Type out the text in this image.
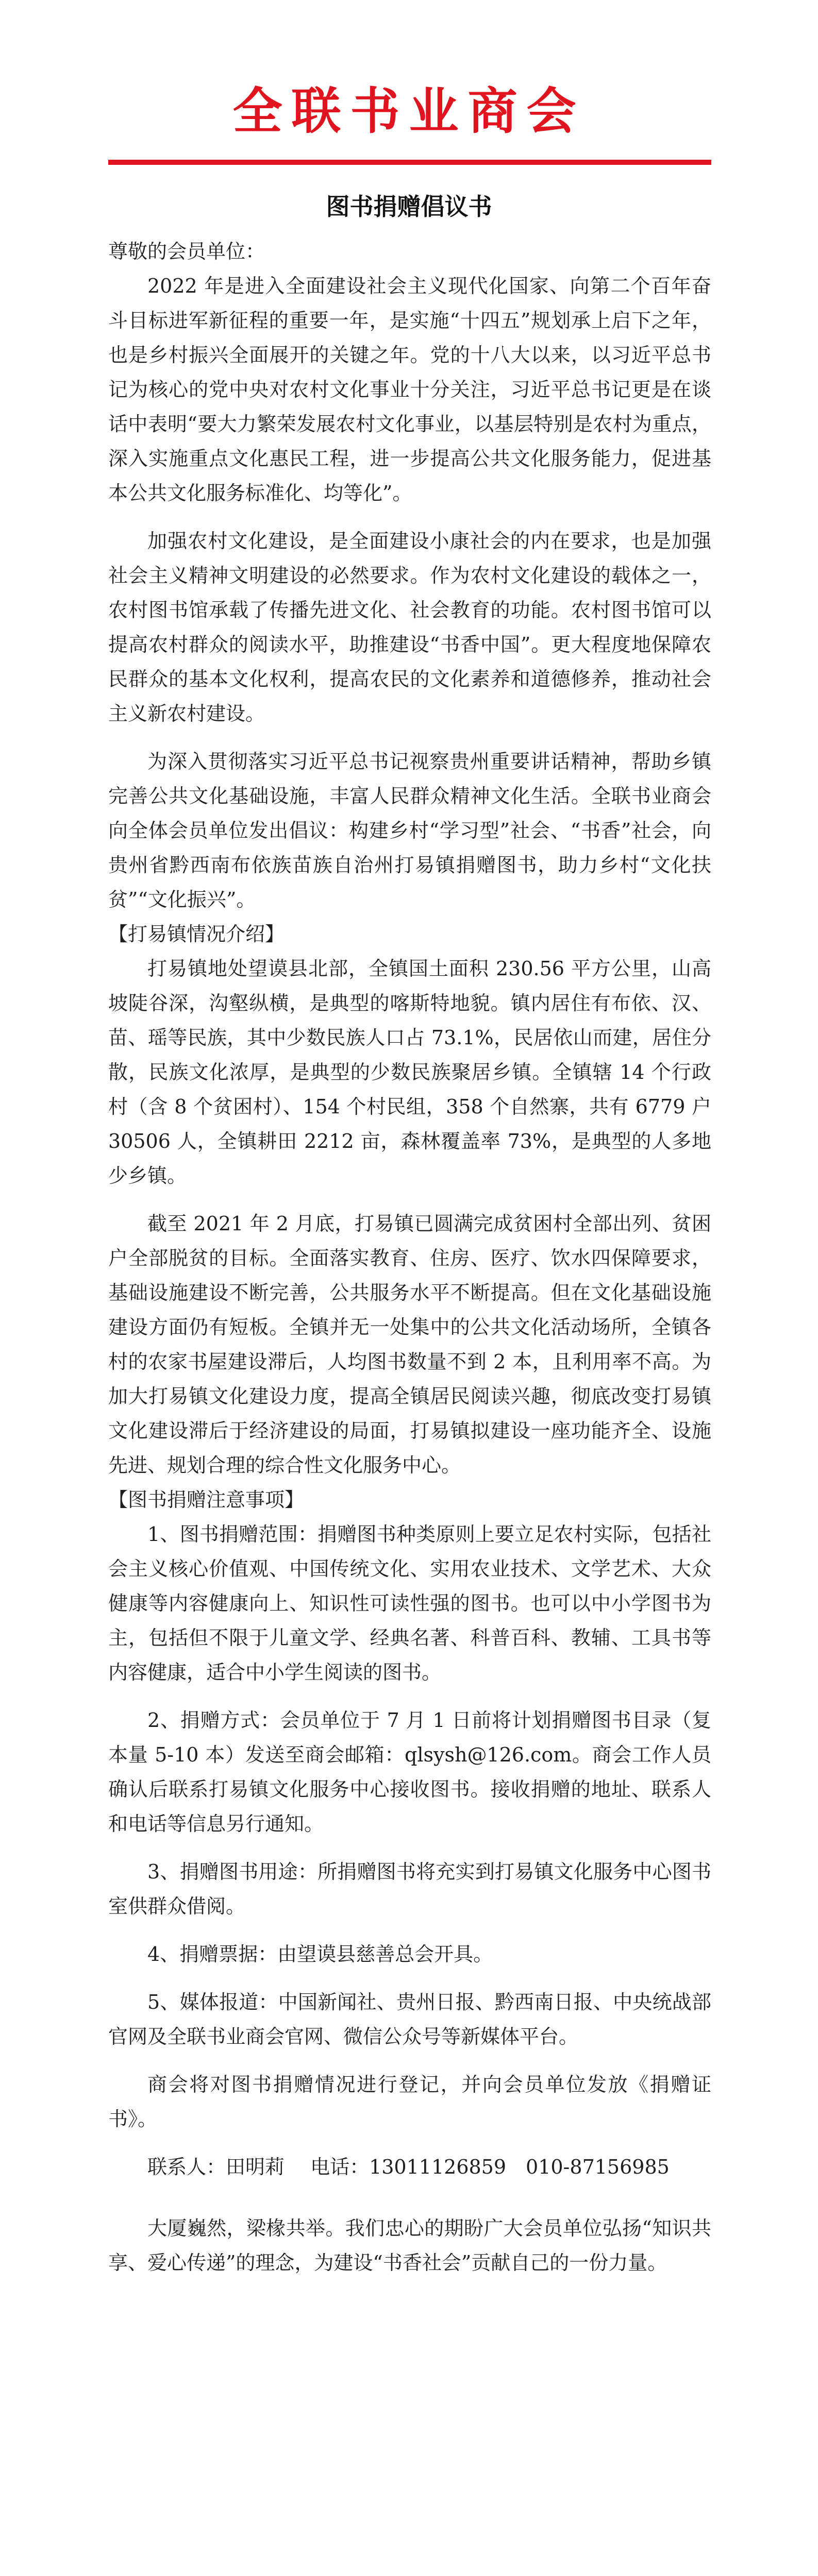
全联书业商会
图书捐赠倡议书

尊敬的会员单位：

2022 年是进入全面建设社会主义现代化国家、向第二个百年奋斗目标进军新征程的重要一年，是实施“十四五”规划承上启下之年，也是乡村振兴全面展开的关键之年。党的十八大以来，以习近平总书记为核心的党中央对农村文化事业十分关注，习近平总书记更是在谈话中表明“要大力繁荣发展农村文化事业，以基层特别是农村为重点，深入实施重点文化惠民工程，进一步提高公共文化服务能力，促进基本公共文化服务标准化、均等化”。

加强农村文化建设，是全面建设小康社会的内在要求，也是加强社会主义精神文明建设的必然要求。作为农村文化建设的载体之一，农村图书馆承载了传播先进文化、社会教育的功能。农村图书馆可以提高农村群众的阅读水平，助推建设“书香中国”。更大程度地保障农民群众的基本文化权利，提高农民的文化素养和道德修养，推动社会主义新农村建设。

为深入贯彻落实习近平总书记视察贵州重要讲话精神，帮助乡镇完善公共文化基础设施，丰富人民群众精神文化生活。全联书业商会向全体会员单位发出倡议：构建乡村“学习型”社会、“书香”社会，向贵州省黔西南布依族苗族自治州打易镇捐赠图书，助力乡村“文化扶贫”“文化振兴”。

【打易镇情况介绍】

打易镇地处望谟县北部，全镇国土面积 230.56 平方公里，山高坡陡谷深，沟壑纵横，是典型的喀斯特地貌。镇内居住有布依、汉、苗、瑶等民族，其中少数民族人口占 73.1%，民居依山而建，居住分散，民族文化浓厚，是典型的少数民族聚居乡镇。全镇辖 14 个行政村（含 8 个贫困村）、154 个村民组，358 个自然寨，共有 6779 户 30506 人，全镇耕田 2212 亩，森林覆盖率 73%，是典型的人多地少乡镇。

截至 2021 年 2 月底，打易镇已圆满完成贫困村全部出列、贫困户全部脱贫的目标。全面落实教育、住房、医疗、饮水四保障要求，基础设施建设不断完善，公共服务水平不断提高。但在文化基础设施建设方面仍有短板。全镇并无一处集中的公共文化活动场所，全镇各村的农家书屋建设滞后，人均图书数量不到 2 本，且利用率不高。为加大打易镇文化建设力度，提高全镇居民阅读兴趣，彻底改变打易镇文化建设滞后于经济建设的局面，打易镇拟建设一座功能齐全、设施先进、规划合理的综合性文化服务中心。

【图书捐赠注意事项】

1、图书捐赠范围：捐赠图书种类原则上要立足农村实际，包括社会主义核心价值观、中国传统文化、实用农业技术、文学艺术、大众健康等内容健康向上、知识性可读性强的图书。也可以中小学图书为主，包括但不限于儿童文学、经典名著、科普百科、教辅、工具书等内容健康，适合中小学生阅读的图书。

2、捐赠方式：会员单位于 7 月 1 日前将计划捐赠图书目录（复本量 5-10 本）发送至商会邮箱：qlsysh@126.com。商会工作人员确认后联系打易镇文化服务中心接收图书。接收捐赠的地址、联系人和电话等信息另行通知。

3、捐赠图书用途：所捐赠图书将充实到打易镇文化服务中心图书室供群众借阅。

4、捐赠票据：由望谟县慈善总会开具。

5、媒体报道：中国新闻社、贵州日报、黔西南日报、中央统战部官网及全联书业商会官网、微信公众号等新媒体平台。

商会将对图书捐赠情况进行登记，并向会员单位发放《捐赠证书》。

联系人：田明莉　 电话：13011126859　010-87156985

大厦巍然，梁椽共举。我们忠心的期盼广大会员单位弘扬“知识共享、爱心传递”的理念，为建设“书香社会”贡献自己的一份力量。
